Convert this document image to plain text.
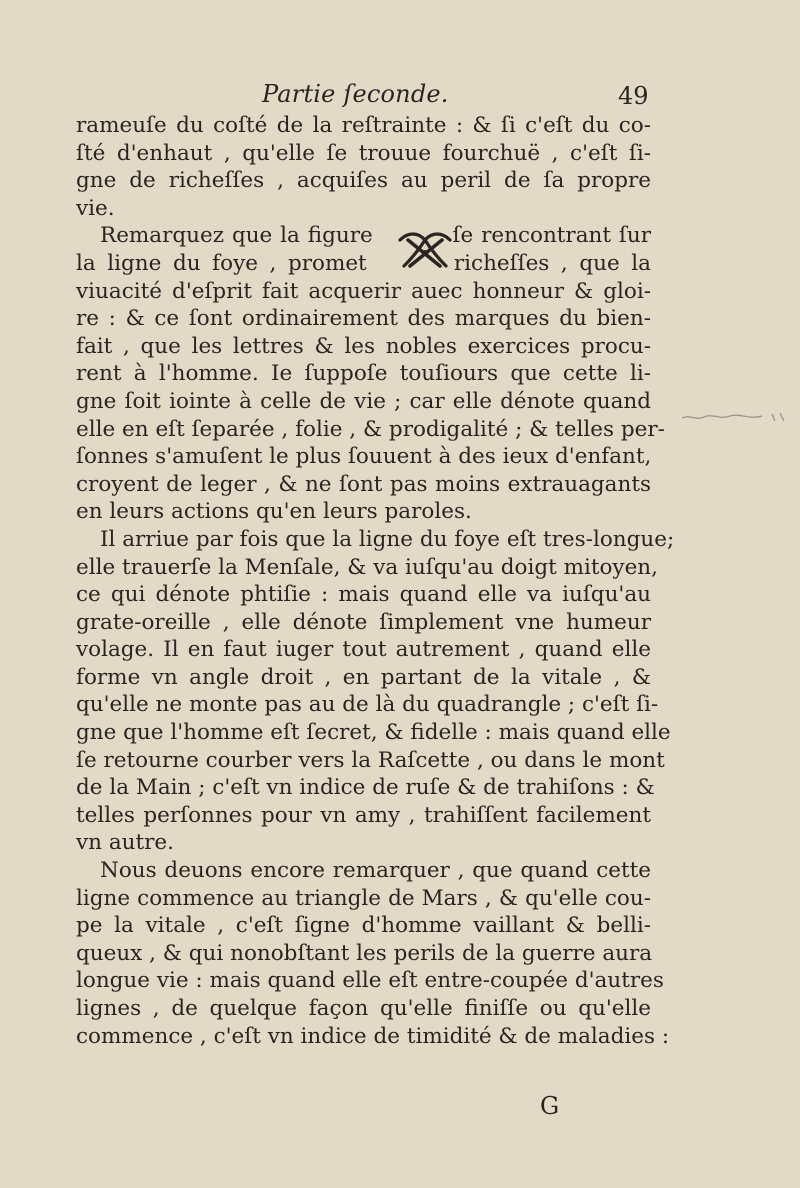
Partie ſeconde.	49
rameuſe du coſté de la reſtrainte : & ſi c'eſt du co-
ſté d'enhaut , qu'elle ſe trouue fourchuë , c'eſt ſi-
gne de richeſſes , acquiſes au peril de ſa propre
vie.
Remarquez que la figure	ſe rencontrant ſur
la ligne du foye , promet	richeſſes , que la
viuacité d'eſprit fait acquerir auec honneur & gloi-
re : & ce ſont ordinairement des marques du bien-
fait , que les lettres & les nobles exercices procu-
rent à l'homme. Ie ſuppoſe touſiours que cette li-
gne ſoit iointe à celle de vie ; car elle dénote quand
elle en eſt ſeparée , folie , & prodigalité ; & telles per-
ſonnes s'amuſent le plus ſouuent à des ieux d'enfant,
croyent de leger , & ne ſont pas moins extrauagants
en leurs actions qu'en leurs paroles.
Il arriue par fois que la ligne du foye eſt tres-longue;
elle trauerſe la Menſale, & va iuſqu'au doigt mitoyen,
ce qui dénote phtiſie : mais quand elle va iuſqu'au
grate-oreille , elle dénote ſimplement vne humeur
volage. Il en faut iuger tout autrement , quand elle
forme vn angle droit , en partant de la vitale , &
qu'elle ne monte pas au de là du quadrangle ; c'eſt ſi-
gne que l'homme eſt ſecret, & fidelle : mais quand elle
ſe retourne courber vers la Raſcette , ou dans le mont
de la Main ; c'eſt vn indice de ruſe & de trahiſons : &
telles perſonnes pour vn amy , trahiſſent facilement
vn autre.
Nous deuons encore remarquer , que quand cette
ligne commence au triangle de Mars , & qu'elle cou-
pe la vitale , c'eſt ſigne d'homme vaillant & belli-
queux , & qui nonobſtant les perils de la guerre aura
longue vie : mais quand elle eſt entre-coupée d'autres
lignes , de quelque façon qu'elle finiſſe ou qu'elle
commence , c'eſt vn indice de timidité & de maladies :
G
